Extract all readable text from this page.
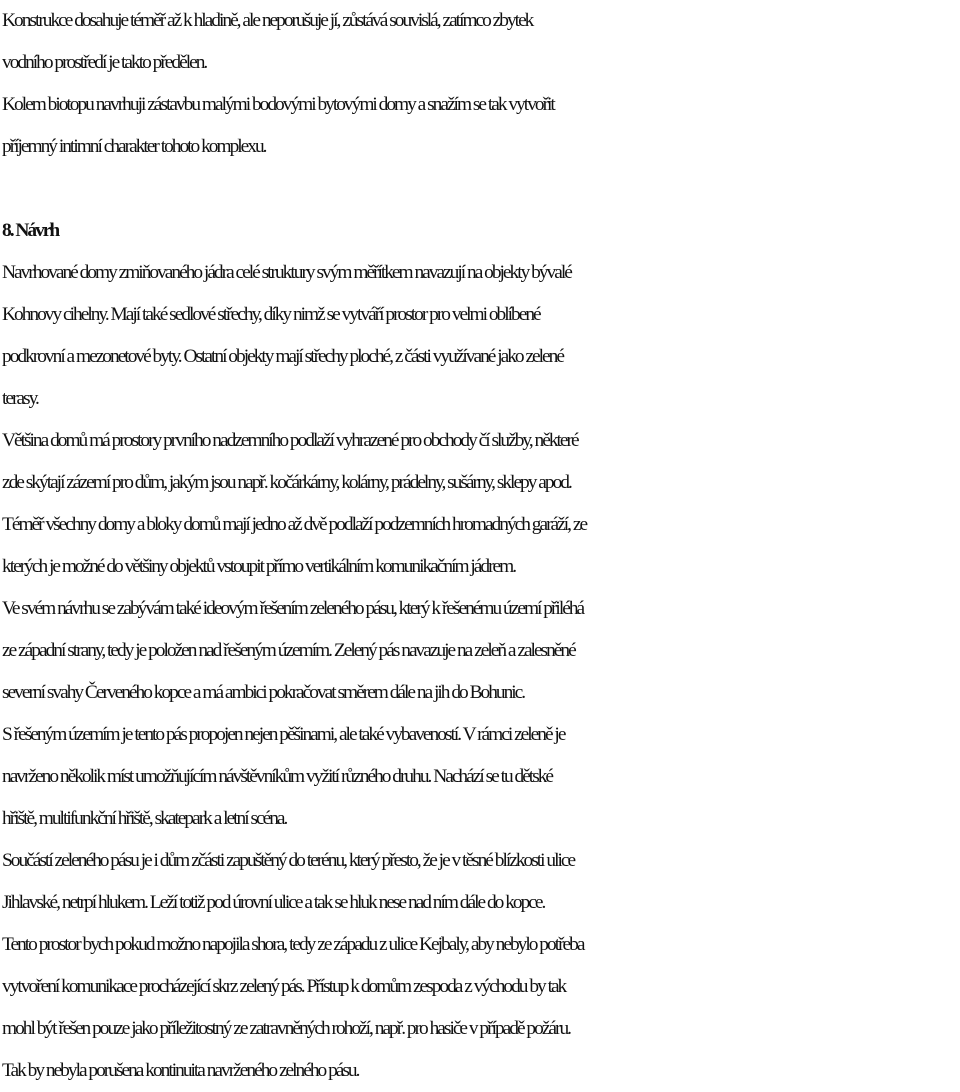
Konstrukce dosahuje téměř až k hladině, ale neporušuje jí, zůstává souvislá, zatímco zbytek
vodního prostředí je takto předělen.
Kolem biotopu navrhuji zástavbu malými bodovými bytovými domy a snažím se tak vytvořit
příjemný intimní charakter tohoto komplexu.
8. Návrh
Navrhované domy zmiňovaného jádra celé struktury svým měřítkem navazují na objekty bývalé
Kohnovy cihelny. Mají také sedlové střechy, díky nimž se vytváří prostor pro velmi oblíbené
podkrovní a mezonetové byty. Ostatní objekty mají střechy ploché, z části využívané jako zelené
terasy.
Většina domů má prostory prvního nadzemního podlaží vyhrazené pro obchody čí služby, některé
zde skýtají zázemí pro dům, jakým jsou např. kočárkárny, kolárny, prádelny, sušárny, sklepy apod.
Téměř všechny domy a bloky domů mají jedno až dvě podlaží podzemních hromadných garáží, ze
kterých je možné do většiny objektů vstoupit přímo vertikálním komunikačním jádrem.
Ve svém návrhu se zabývám také ideovým řešením zeleného pásu, který k řešenému území přiléhá
ze západní strany, tedy je položen nad řešeným územím. Zelený pás navazuje na zeleň a zalesněné
severní svahy Červeného kopce a má ambici pokračovat směrem dále na jih do Bohunic.
S řešeným územím je tento pás propojen nejen pěšinami, ale také vybaveností. V rámci zeleně je
navrženo několik míst umožňujícím návštěvníkům vyžití různého druhu. Nachází se tu dětské
hřiště, multifunkční hřiště, skatepark a letní scéna.
Součástí zeleného pásu je i dům zčásti zapuštěný do terénu, který přesto, že je v těsné blízkosti ulice
Jihlavské, netrpí hlukem. Leží totiž pod úrovní ulice a tak se hluk nese nad ním dále do kopce.
Tento prostor bych pokud možno napojila shora, tedy ze západu z ulice Kejbaly, aby nebylo potřeba
vytvoření komunikace procházející skrz zelený pás. Přístup k domům zespoda z východu by tak
mohl být řešen pouze jako příležitostný ze zatravněných rohoží, např. pro hasiče v případě požáru.
Tak by nebyla porušena kontinuita navrženého zelného pásu.
